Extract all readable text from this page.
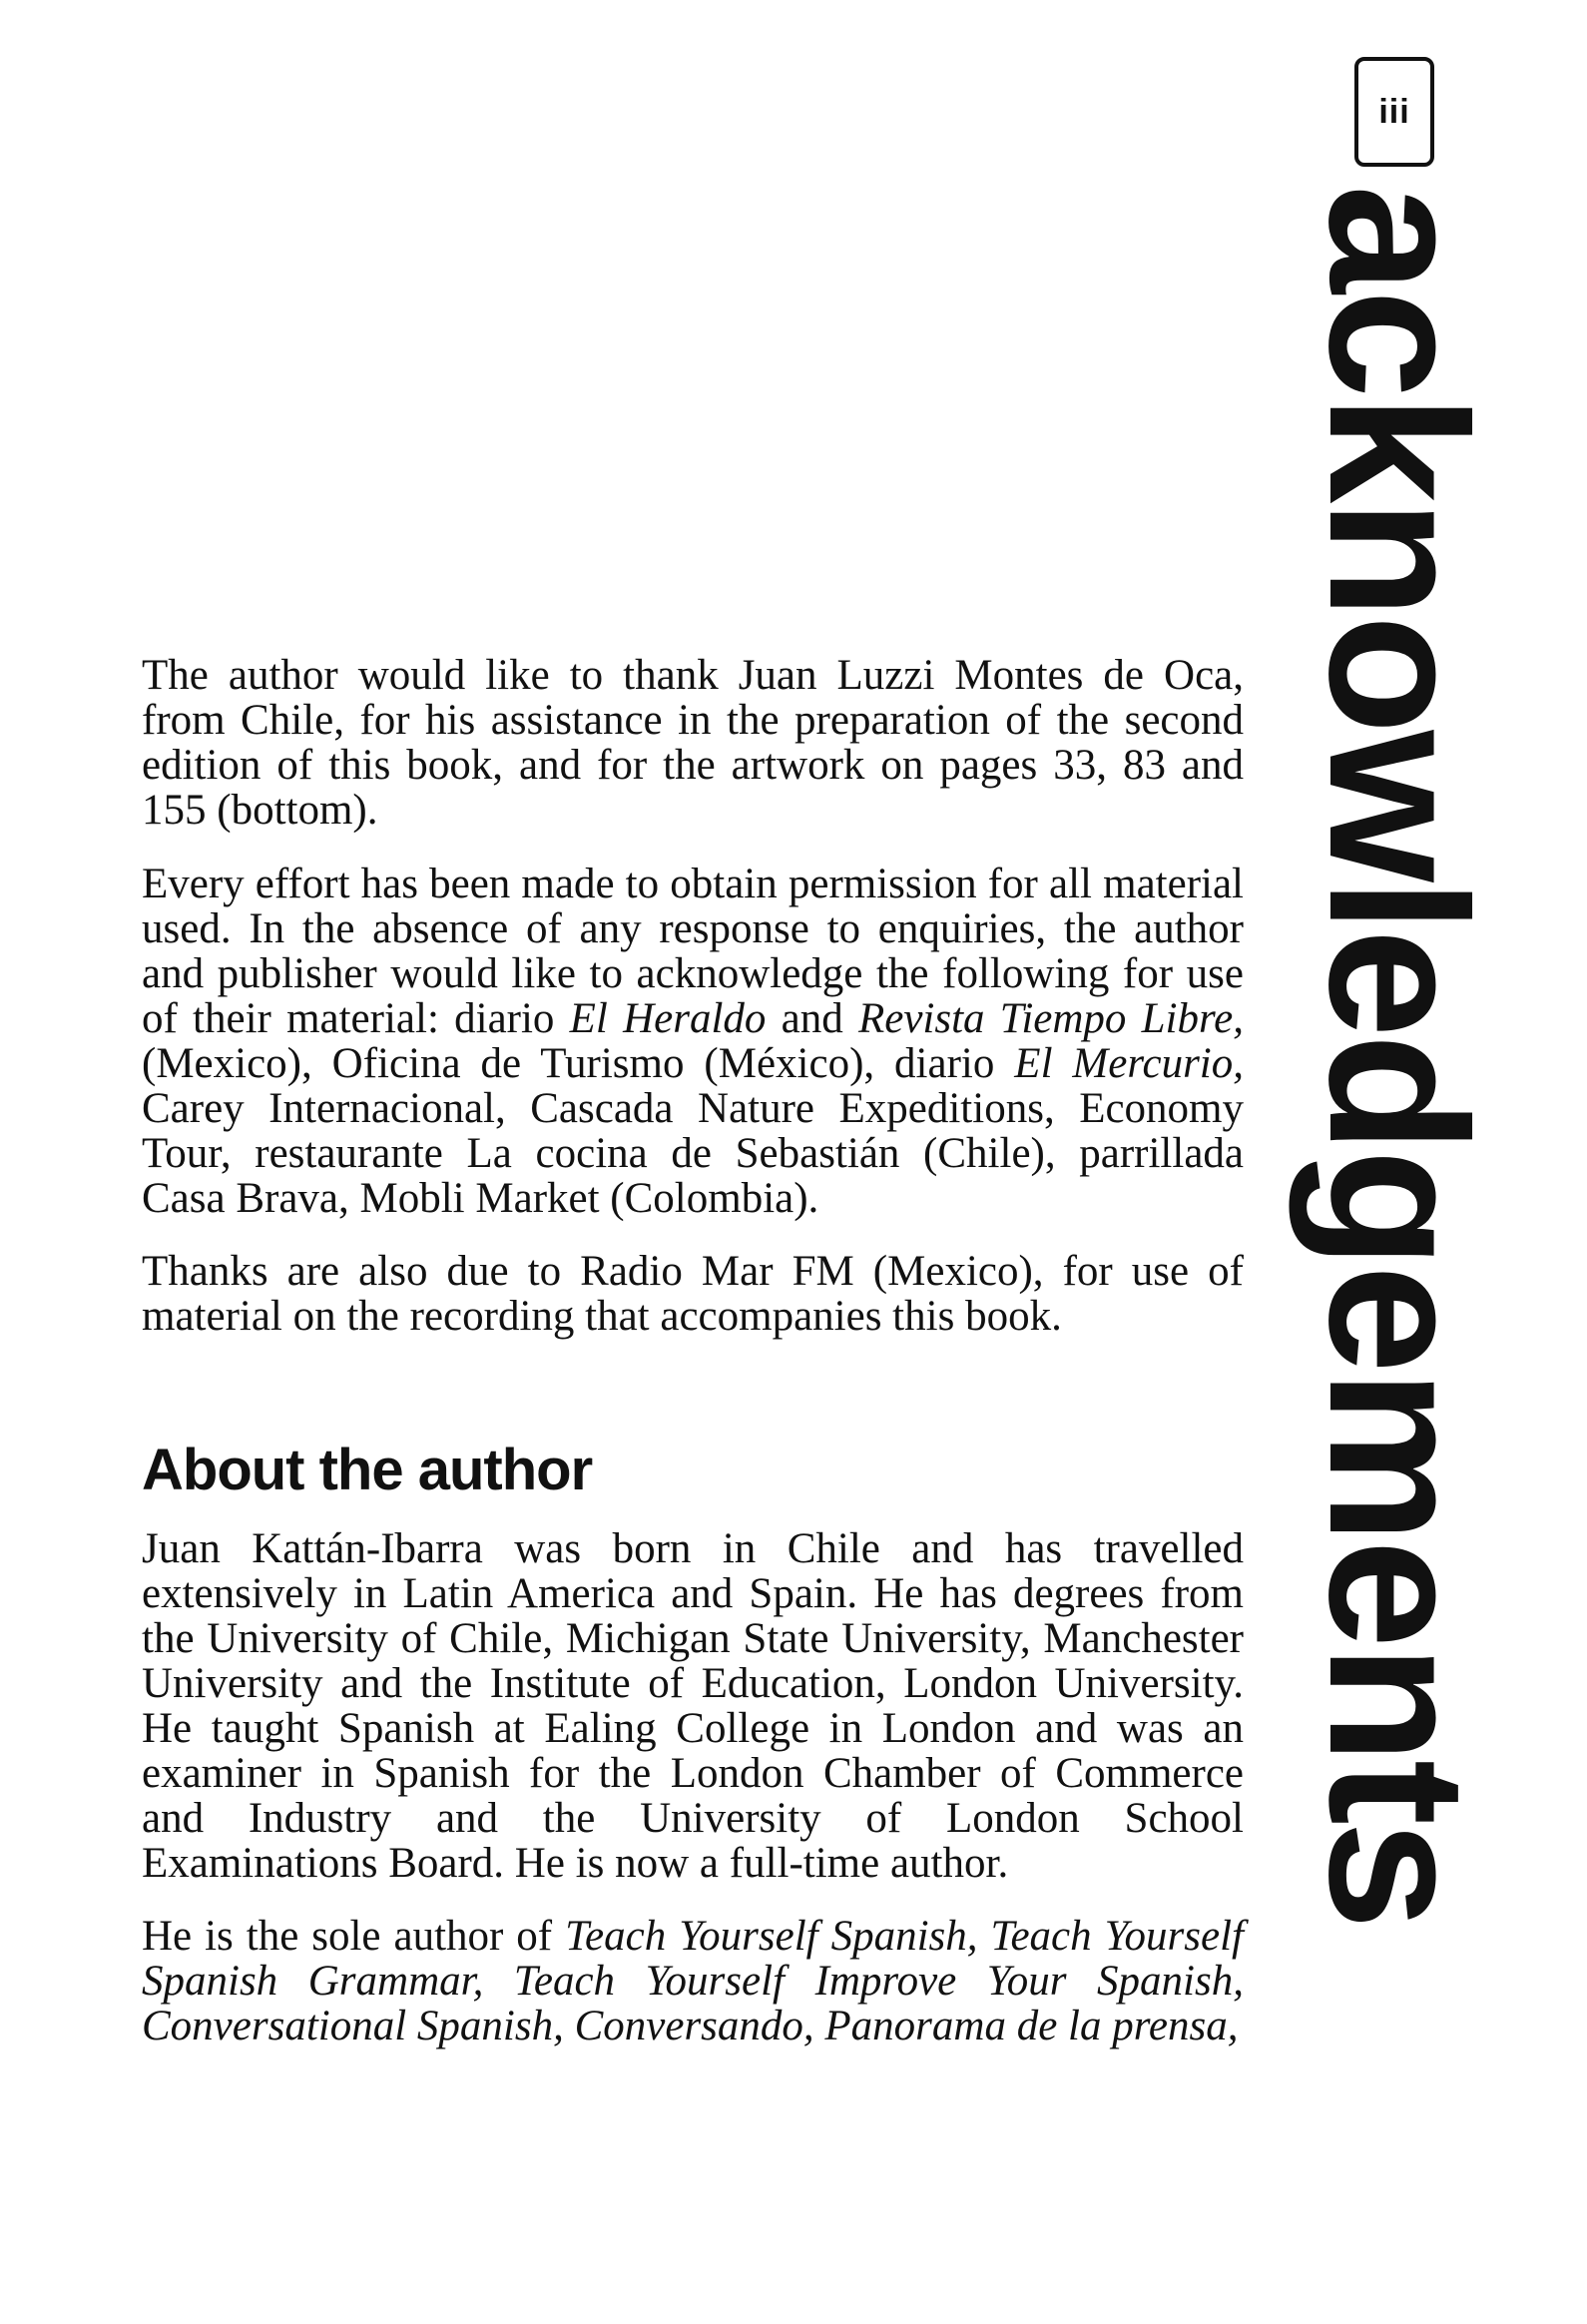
iii
acknowledgements

The author would like to thank Juan Luzzi Montes de Oca, from Chile, for his assistance in the preparation of the second edition of this book, and for the artwork on pages 33, 83 and 155 (bottom).

Every effort has been made to obtain permission for all material used. In the absence of any response to enquiries, the author and publisher would like to acknowledge the following for use of their material: diario El Heraldo and Revista Tiempo Libre, (Mexico), Oficina de Turismo (México), diario El Mercurio, Carey Internacional, Cascada Nature Expeditions, Economy Tour, restaurante La cocina de Sebastián (Chile), parrillada Casa Brava, Mobli Market (Colombia).

Thanks are also due to Radio Mar FM (Mexico), for use of material on the recording that accompanies this book.

About the author

Juan Kattán-Ibarra was born in Chile and has travelled extensively in Latin America and Spain. He has degrees from the University of Chile, Michigan State University, Manchester University and the Institute of Education, London University. He taught Spanish at Ealing College in London and was an examiner in Spanish for the London Chamber of Commerce and Industry and the University of London School Examinations Board. He is now a full-time author.

He is the sole author of Teach Yourself Spanish, Teach Yourself Spanish Grammar, Teach Yourself Improve Your Spanish, Conversational Spanish, Conversando, Panorama de la prensa,
